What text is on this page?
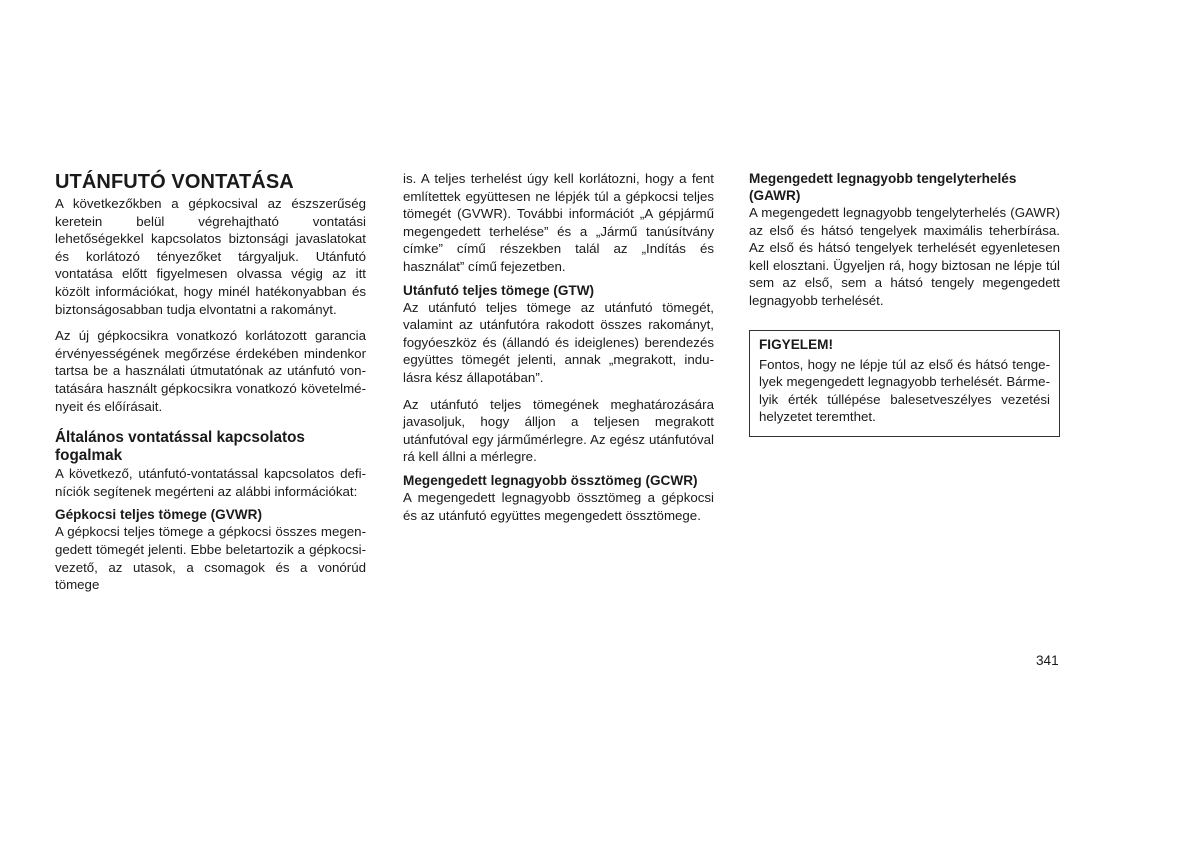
UTÁNFUTÓ VONTATÁSA

A következőkben a gépkocsival az észszerűség keretein belül végrehajtható vontatási lehetőségekkel kapcsolatos biztonsági javaslatokat és korlátozó tényezőket tárgyaljuk. Utánfutó vontatása előtt figyelmesen olvassa végig az itt közölt információkat, hogy minél hatékonyabban és biztonságosabban tudja elvontatni a rakományt.

Az új gépkocsikra vonatkozó korlátozott garancia érvényességének megőrzése érdekében mindenkor tartsa be a használati útmutatónak az utánfutó vontatására használt gépkocsikra vonatkozó követelményeit és előírásait.

Általános vontatással kapcsolatos fogalmak

A következő, utánfutó-vontatással kapcsolatos definíciók segítenek megérteni az alábbi információkat:

Gépkocsi teljes tömege (GVWR)

A gépkocsi teljes tömege a gépkocsi összes megengedett tömegét jelenti. Ebbe beletartozik a gépkocsivezető, az utasok, a csomagok és a vonórúd tömege

is. A teljes terhelést úgy kell korlátozni, hogy a fent említettek együttesen ne lépjék túl a gépkocsi teljes tömegét (GVWR). További információt „A gépjármű megengedett terhelése” és a „Jármű tanúsítvány címke” című részekben talál az „Indítás és használat” című fejezetben.

Utánfutó teljes tömege (GTW)

Az utánfutó teljes tömege az utánfutó tömegét, valamint az utánfutóra rakodott összes rakományt, fogyóeszköz és (állandó és ideiglenes) berendezés együttes tömegét jelenti, annak „megrakott, indulásra kész állapotában”.

Az utánfutó teljes tömegének meghatározására javasoljuk, hogy álljon a teljesen megrakott utánfutóval egy járműmérlegre. Az egész utánfutóval rá kell állni a mérlegre.

Megengedett legnagyobb össztömeg (GCWR)

A megengedett legnagyobb össztömeg a gépkocsi és az utánfutó együttes megengedett össztömege.

Megengedett legnagyobb tengelyterhelés (GAWR)

A megengedett legnagyobb tengelyterhelés (GAWR) az első és hátsó tengelyek maximális teherbírása. Az első és hátsó tengelyek terhelését egyenletesen kell elosztani. Ügyeljen rá, hogy biztosan ne lépje túl sem az első, sem a hátsó tengely megengedett legnagyobb terhelését.

FIGYELEM!

Fontos, hogy ne lépje túl az első és hátsó tengelyek megengedett legnagyobb terhelését. Bármelyik érték túllépése balesetveszélyes vezetési helyzetet teremthet.

341
